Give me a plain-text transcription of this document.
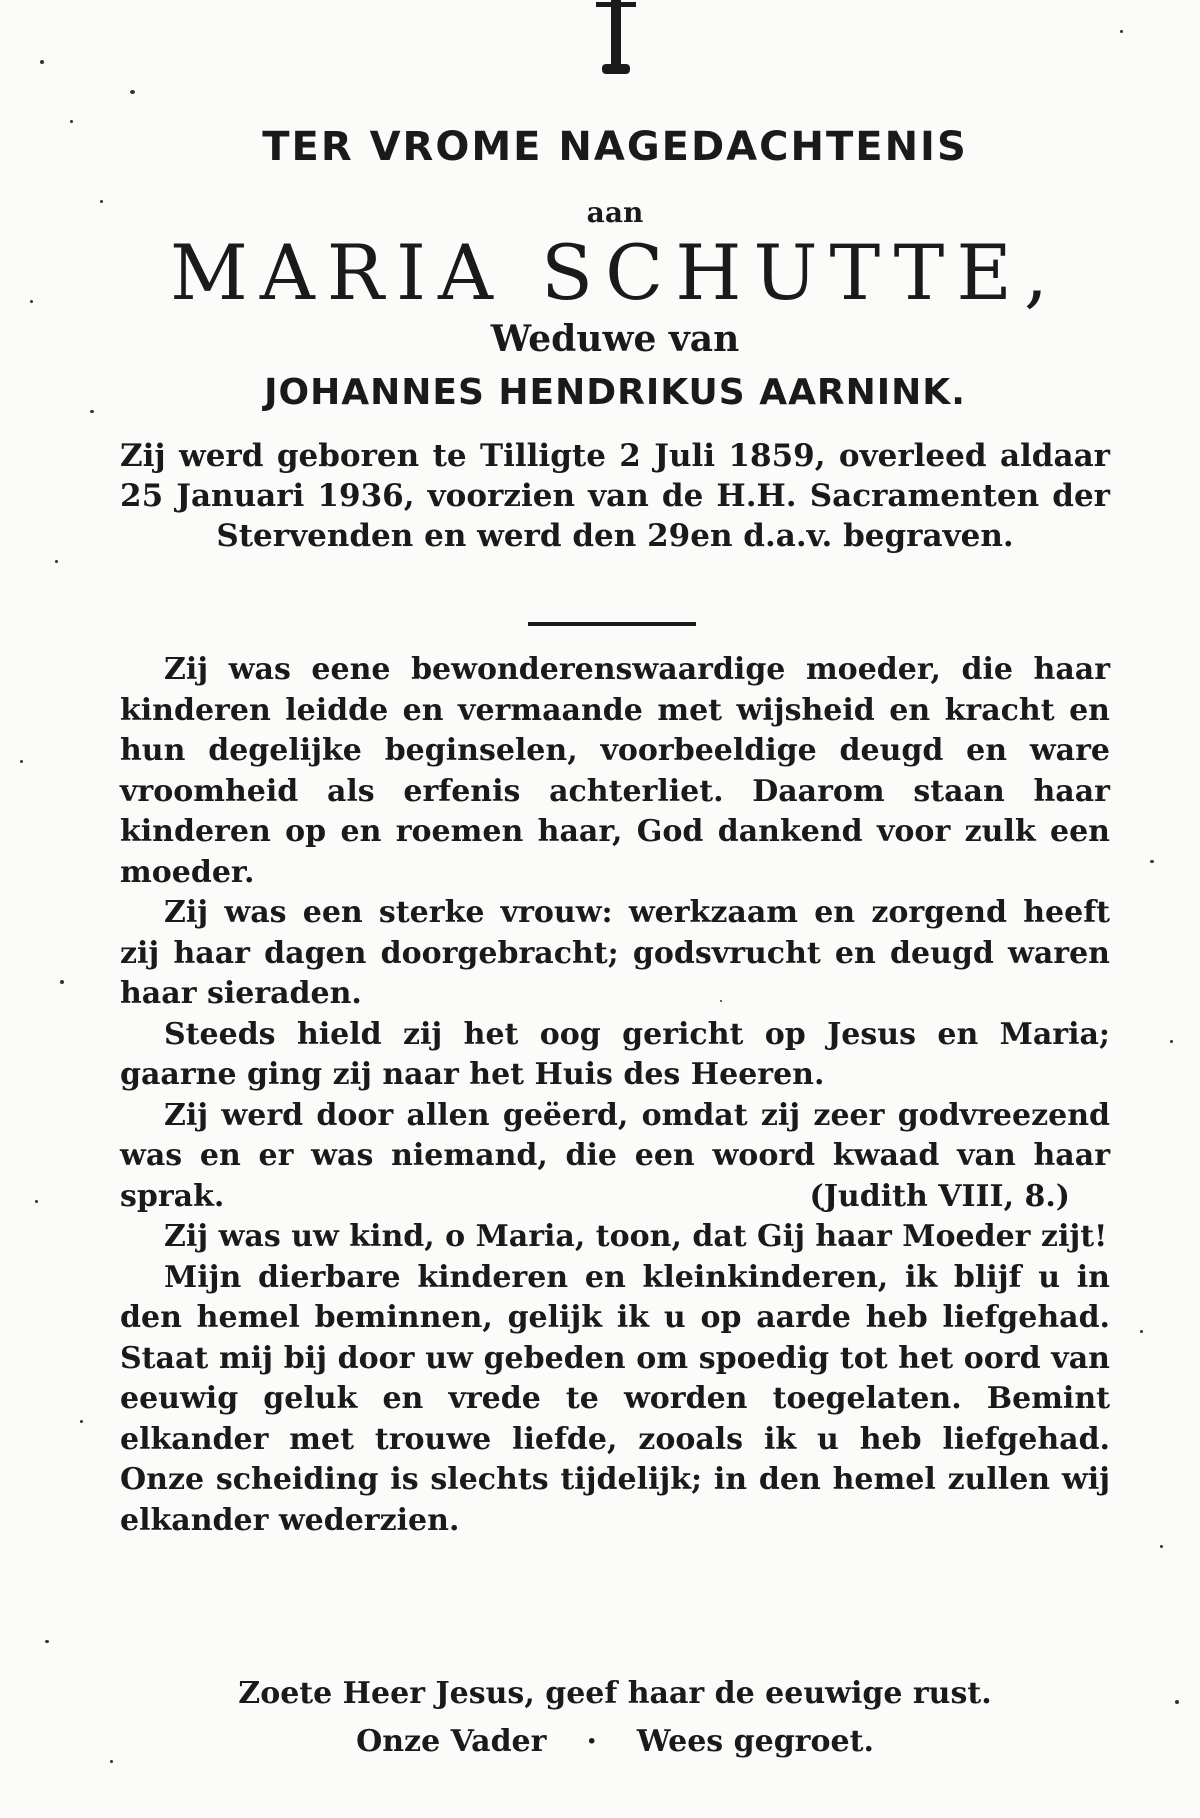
TER VROME NAGEDACHTENIS
aan
MARIA SCHUTTE,
Weduwe van
JOHANNES HENDRIKUS AARNINK.
Zij werd geboren te Tilligte 2 Juli 1859, overleed aldaar 25 Januari 1936, voorzien van de H.H. Sacramenten der Stervenden en werd den 29en d.a.v. begraven.

Zij was eene bewonderenswaardige moeder, die haar kinderen leidde en vermaande met wijsheid en kracht en hun degelijke beginselen, voorbeeldige deugd en ware vroomheid als erfenis achterliet. Daarom staan haar kinderen op en roemen haar, God dankend voor zulk een moeder.

Zij was een sterke vrouw: werkzaam en zorgend heeft zij haar dagen doorgebracht; godsvrucht en deugd waren haar sieraden.

Steeds hield zij het oog gericht op Jesus en Maria; gaarne ging zij naar het Huis des Heeren.

Zij werd door allen geëerd, omdat zij zeer godvreezend was en er was niemand, die een woord kwaad van haar sprak.	(Judith VIII, 8.)

Zij was uw kind, o Maria, toon, dat Gij haar Moeder zijt!

Mijn dierbare kinderen en kleinkinderen, ik blijf u in den hemel beminnen, gelijk ik u op aarde heb liefgehad. Staat mij bij door uw gebeden om spoedig tot het oord van eeuwig geluk en vrede te worden toegelaten. Bemint elkander met trouwe liefde, zooals ik u heb liefgehad. Onze scheiding is slechts tijdelijk; in den hemel zullen wij elkander wederzien.

Zoete Heer Jesus, geef haar de eeuwige rust.
Onze Vader · Wees gegroet.
